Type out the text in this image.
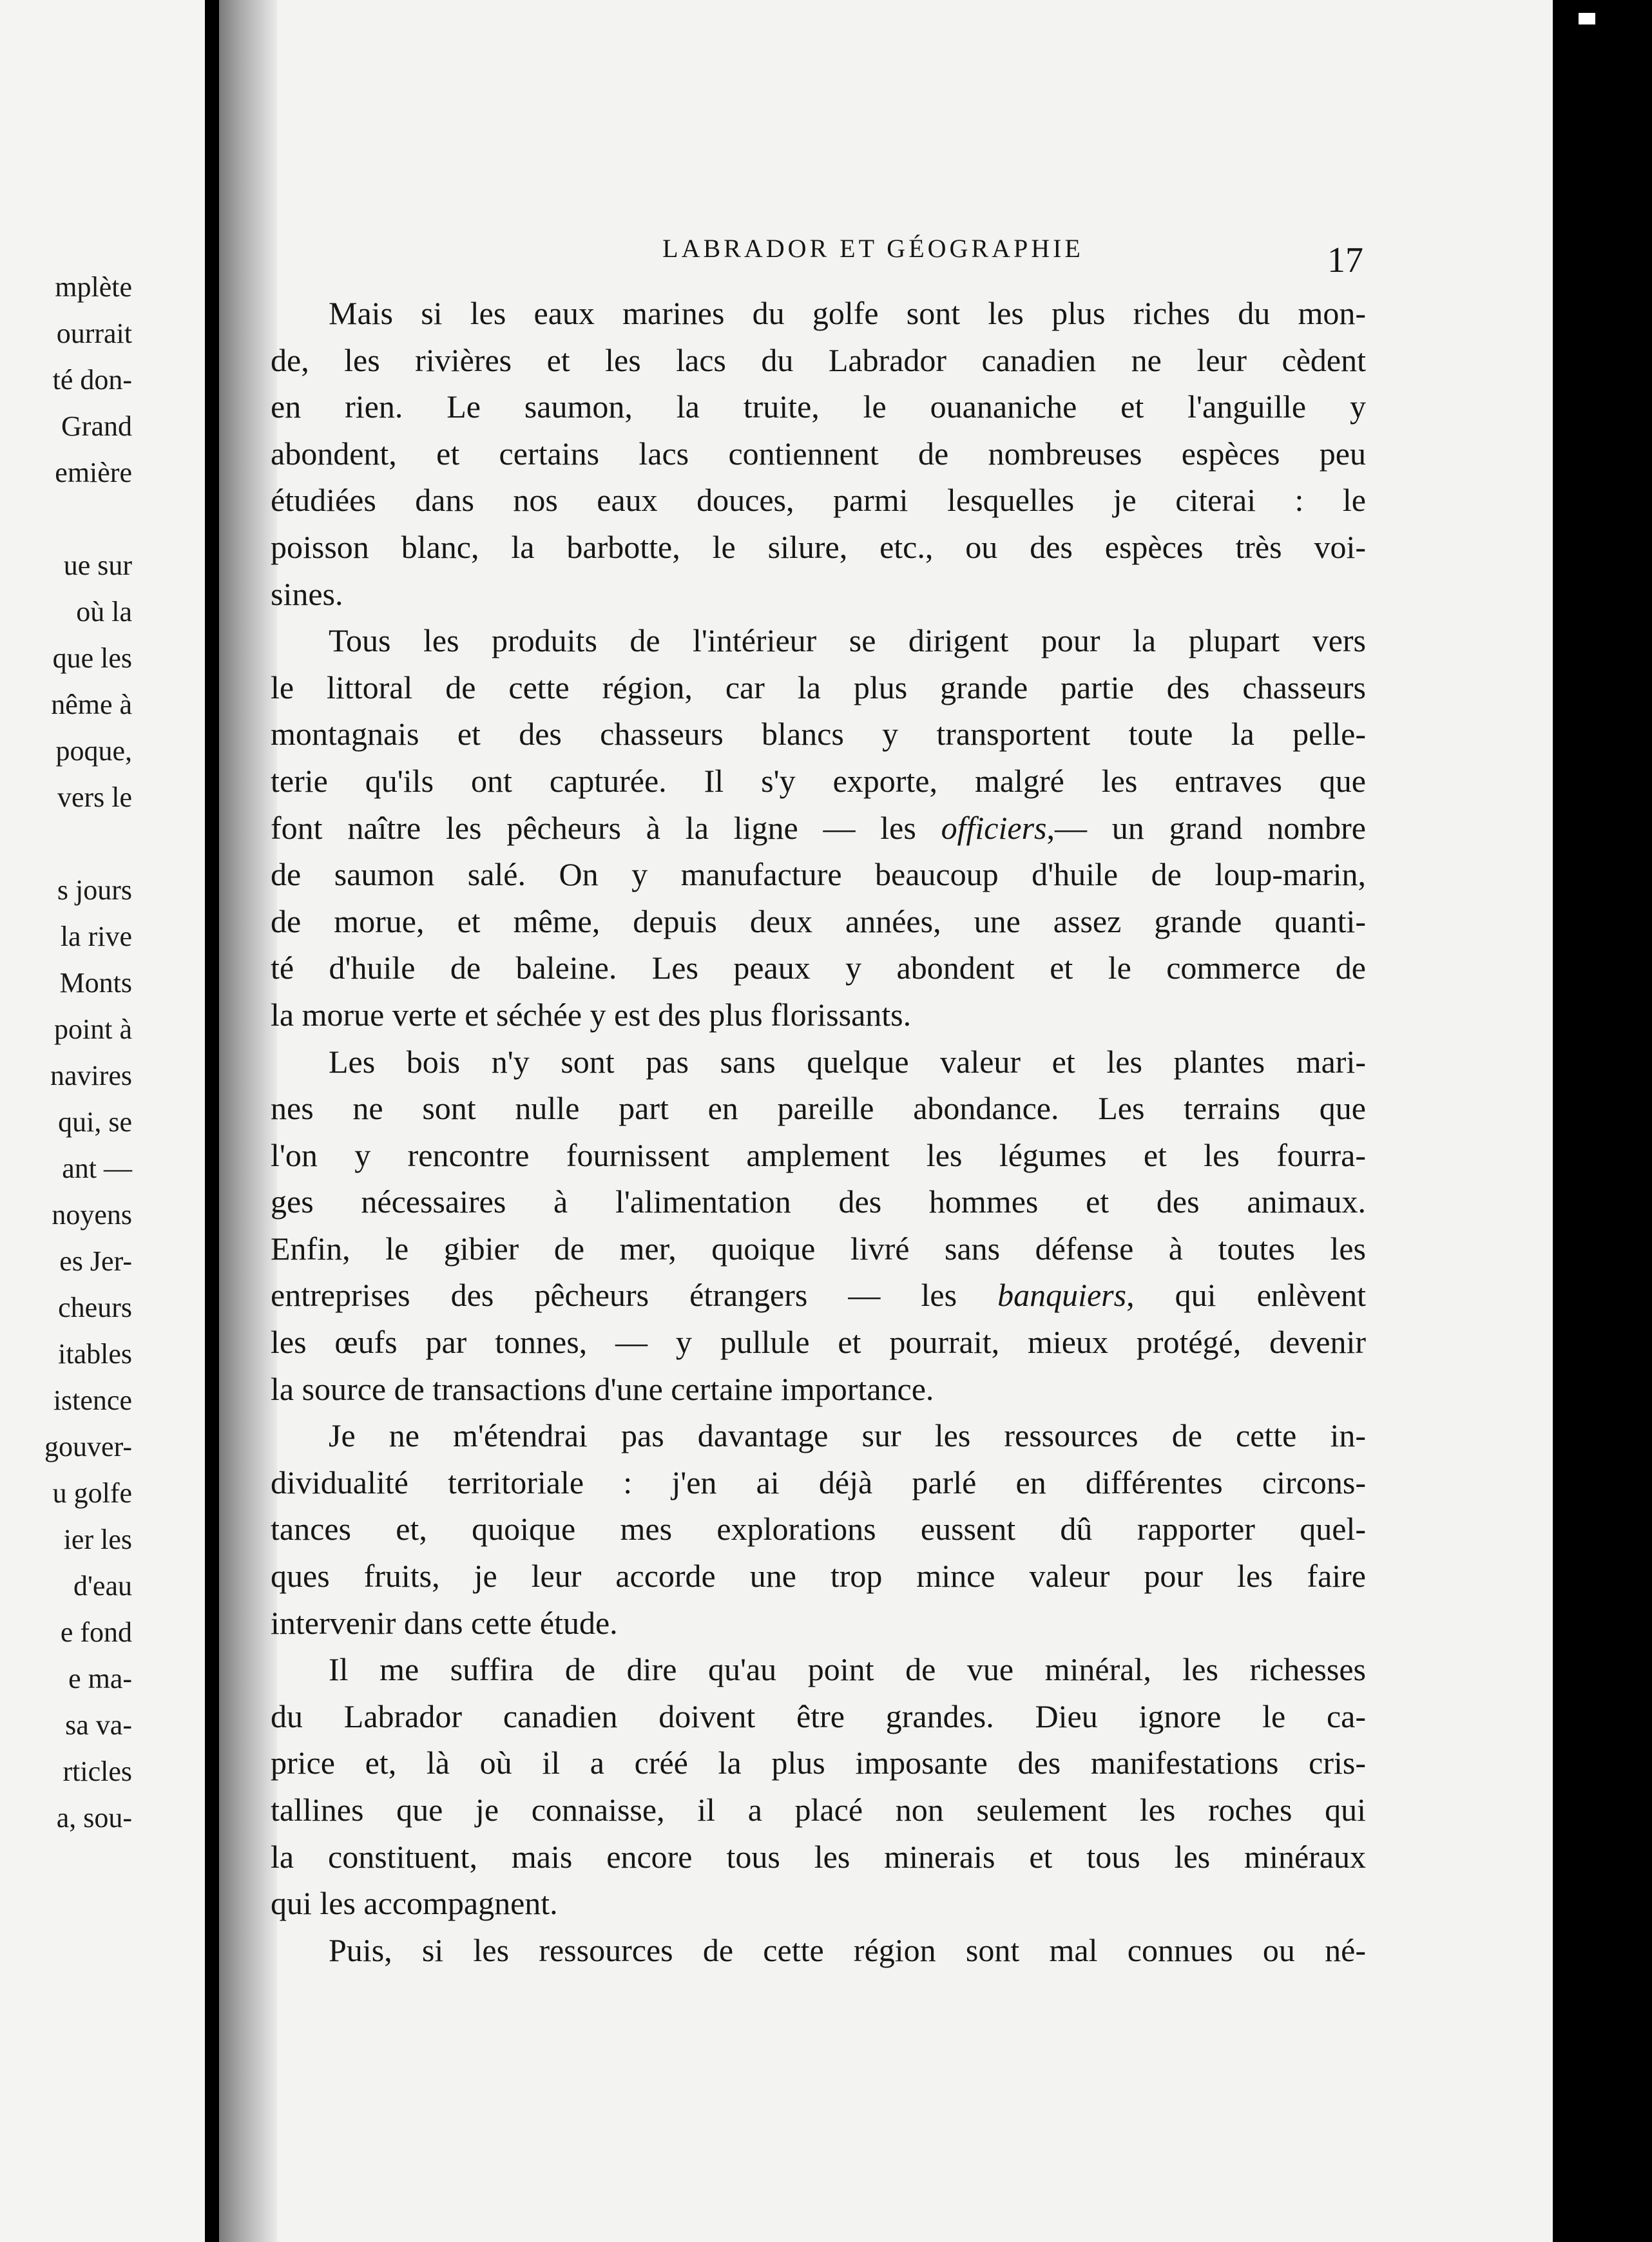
mplète
ourrait
té don-
Grand
emière
ue sur
où la
que les
nême à
poque,
vers le
s jours
la rive
Monts
point à
navires
qui, se
ant —
noyens
es Jer-
cheurs
itables
istence
gouver-
u golfe
ier les
d'eau
e fond
e ma-
sa va-
rticles
a, sou-
LABRADOR ET GÉOGRAPHIE	17
Mais si les eaux marines du golfe sont les plus riches du mon-
de, les rivières et les lacs du Labrador canadien ne leur cèdent
en rien. Le saumon, la truite, le ouananiche et l'anguille y
abondent, et certains lacs contiennent de nombreuses espèces peu
étudiées dans nos eaux douces, parmi lesquelles je citerai : le
poisson blanc, la barbotte, le silure, etc., ou des espèces très voi-
sines.
Tous les produits de l'intérieur se dirigent pour la plupart vers
le littoral de cette région, car la plus grande partie des chasseurs
montagnais et des chasseurs blancs y transportent toute la pelle-
terie qu'ils ont capturée. Il s'y exporte, malgré les entraves que
font naître les pêcheurs à la ligne — les officiers,— un grand nombre
de saumon salé. On y manufacture beaucoup d'huile de loup-marin,
de morue, et même, depuis deux années, une assez grande quanti-
té d'huile de baleine. Les peaux y abondent et le commerce de
la morue verte et séchée y est des plus florissants.
Les bois n'y sont pas sans quelque valeur et les plantes mari-
nes ne sont nulle part en pareille abondance. Les terrains que
l'on y rencontre fournissent amplement les légumes et les fourra-
ges nécessaires à l'alimentation des hommes et des animaux.
Enfin, le gibier de mer, quoique livré sans défense à toutes les
entreprises des pêcheurs étrangers — les banquiers, qui enlèvent
les œufs par tonnes, — y pullule et pourrait, mieux protégé, devenir
la source de transactions d'une certaine importance.
Je ne m'étendrai pas davantage sur les ressources de cette in-
dividualité territoriale : j'en ai déjà parlé en différentes circons-
tances et, quoique mes explorations eussent dû rapporter quel-
ques fruits, je leur accorde une trop mince valeur pour les faire
intervenir dans cette étude.
Il me suffira de dire qu'au point de vue minéral, les richesses
du Labrador canadien doivent être grandes. Dieu ignore le ca-
price et, là où il a créé la plus imposante des manifestations cris-
tallines que je connaisse, il a placé non seulement les roches qui
la constituent, mais encore tous les minerais et tous les minéraux
qui les accompagnent.
Puis, si les ressources de cette région sont mal connues ou né-
